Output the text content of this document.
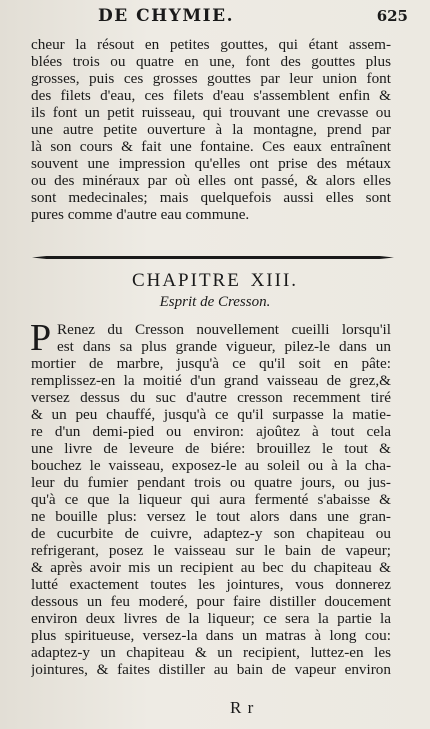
DE CHYMIE.	625
cheur la résout en petites gouttes, qui étant assem-
blées trois ou quatre en une, font des gouttes plus
grosses, puis ces grosses gouttes par leur union font
des filets d'eau, ces filets d'eau s'assemblent enfin &
ils font un petit ruisseau, qui trouvant une crevasse ou
une autre petite ouverture à la montagne, prend par
là son cours & fait une fontaine. Ces eaux entraînent
souvent une impression qu'elles ont prise des métaux
ou des minéraux par où elles ont passé, & alors elles
sont medecinales; mais quelquefois aussi elles sont
pures comme d'autre eau commune.
CHAPITRE XIII.
Esprit de Cresson.
P Renez du Cresson nouvellement cueilli lorsqu'il
est dans sa plus grande vigueur, pilez-le dans un
mortier de marbre, jusqu'à ce qu'il soit en pâte:
remplissez-en la moitié d'un grand vaisseau de grez,&
versez dessus du suc d'autre cresson recemment tiré
& un peu chauffé, jusqu'à ce qu'il surpasse la matie-
re d'un demi-pied ou environ: ajoûtez à tout cela
une livre de leveure de biére: brouillez le tout &
bouchez le vaisseau, exposez-le au soleil ou à la cha-
leur du fumier pendant trois ou quatre jours, ou jus-
qu'à ce que la liqueur qui aura fermenté s'abaisse &
ne bouille plus: versez le tout alors dans une gran-
de cucurbite de cuivre, adaptez-y son chapiteau ou
refrigerant, posez le vaisseau sur le bain de vapeur;
& après avoir mis un recipient au bec du chapiteau &
lutté exactement toutes les jointures, vous donnerez
dessous un feu moderé, pour faire distiller doucement
environ deux livres de la liqueur; ce sera la partie la
plus spiritueuse, versez-la dans un matras à long cou:
adaptez-y un chapiteau & un recipient, luttez-en les
jointures, & faites distiller au bain de vapeur environ
R r
